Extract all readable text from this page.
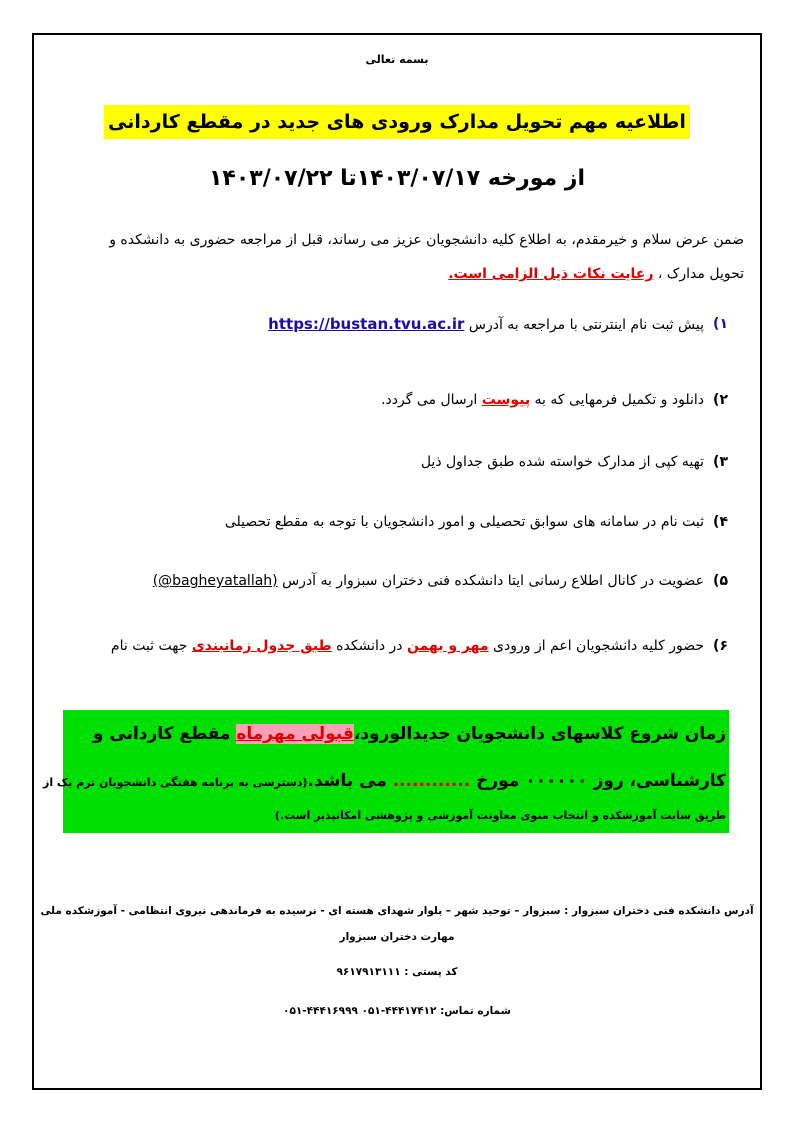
بسمه تعالی
اطلاعیه مهم تحویل مدارک ورودی های جدید در مقطع کاردانی
از مورخه ۱۴۰۳/۰۷/۱۷تا ۱۴۰۳/۰۷/۲۲
ضمن عرض سلام و خیرمقدم، به اطلاع کلیه دانشجویان عزیز می رساند، قبل از مراجعه حضوری به دانشکده و
تحویل مدارک ، رعایت نکات ذیل الزامی است.
۱)
پیش ثبت نام اینترنتی با مراجعه به آدرس https://bustan.tvu.ac.ir
۲)
دانلود و تکمیل فرمهایی که به پیوست ارسال می گردد.
۳)
تهیه کپی از مدارک خواسته شده طبق جداول ذیل
۴)
ثبت نام در سامانه های سوابق تحصیلی و امور دانشجویان با توجه به مقطع تحصیلی
۵)
عضویت در کانال اطلاع رسانی ایتا دانشکده فنی دختران سبزوار به آدرس (@bagheyatallah)
۶)
حضور کلیه دانشجویان اعم از ورودی مهر و بهمن در دانشکده طبق جدول زمانبندی جهت ثبت نام
زمان شروع کلاسهای دانشجویان جدیدالورود،قبولی مهرماه مقطع کاردانی و
کارشناسی، روز ۰۰۰۰۰۰ مورخ ............ می باشد.(دسترسی به برنامه هفتگی دانشجویان ترم یک از
طریق سایت آموزشکده و انتخاب منوی معاونت آموزشی و پژوهشی امکانپذیر است.)
آدرس دانشکده فنی دختران سبزوار : سبزوار – توحید شهر – بلوار شهدای هسته ای - نرسیده به فرماندهی نیروی انتظامی - آموزشکده ملی
مهارت دختران سبزوار
کد پستی : ۹۶۱۷۹۱۳۱۱۱
شماره تماس: ۴۴۴۱۷۴۱۲-۰۵۱ ۴۴۴۱۶۹۹۹-۰۵۱
